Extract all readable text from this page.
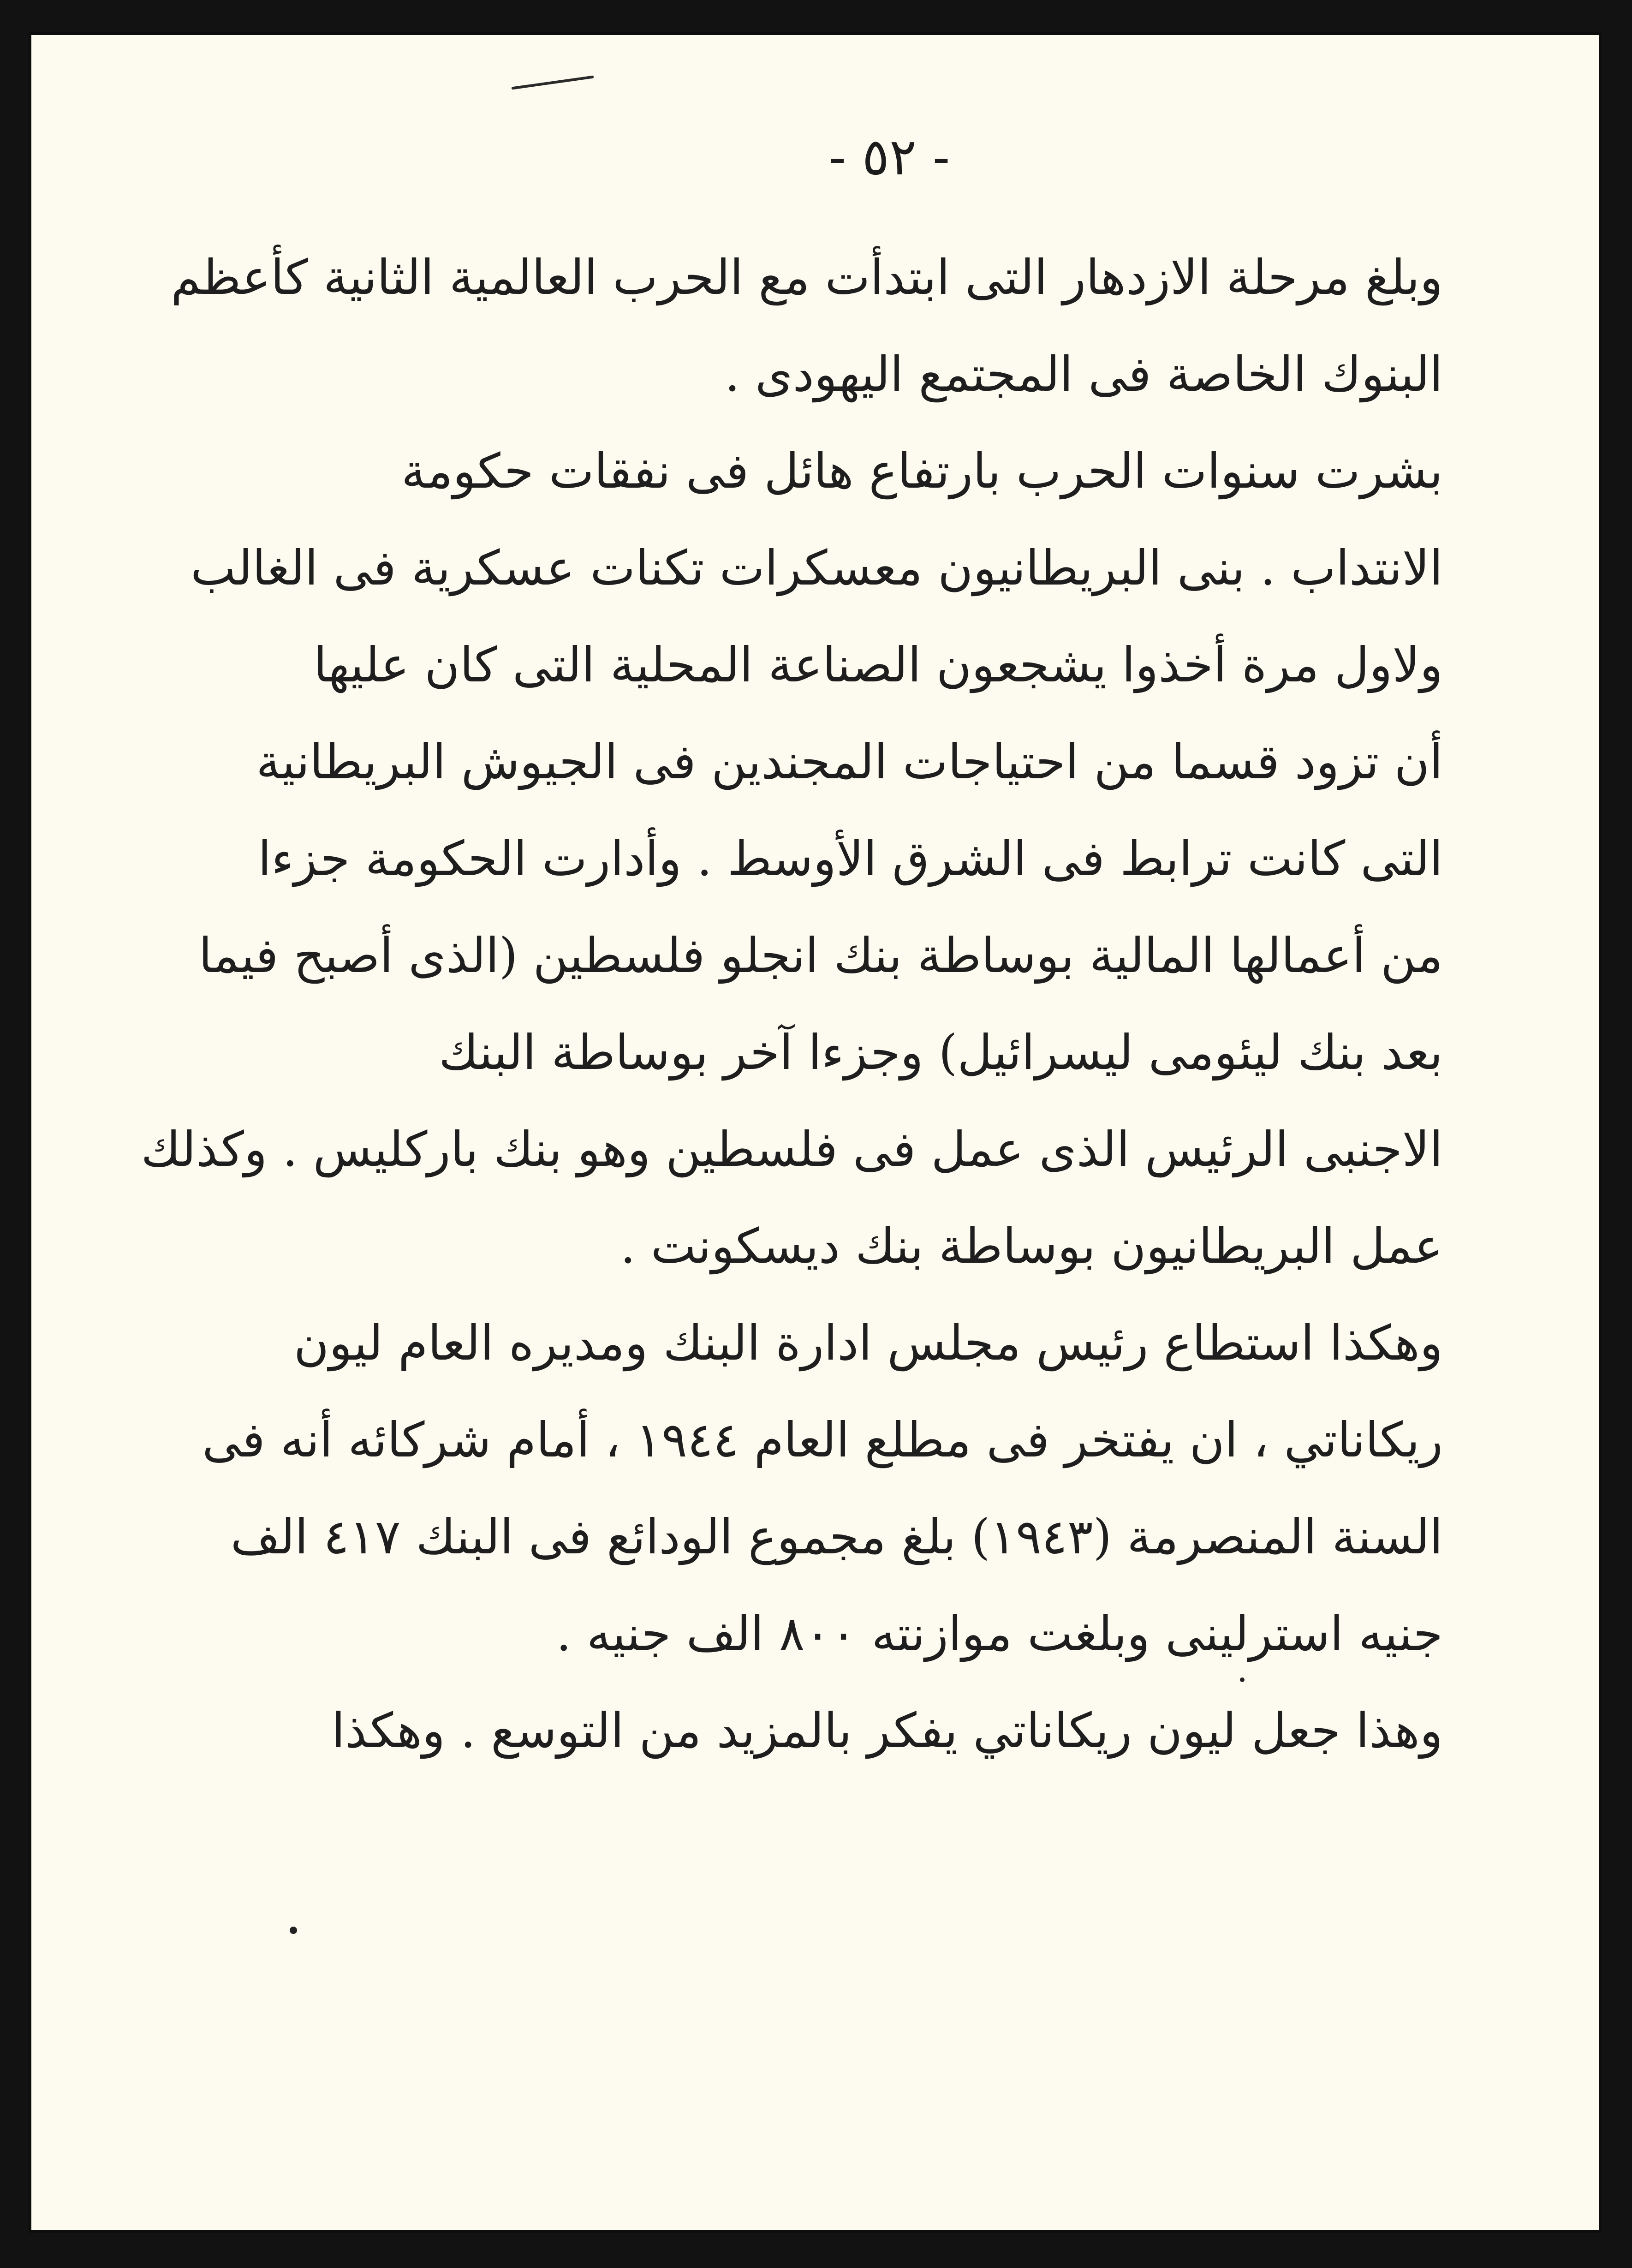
- ٥٢ -
وبلغ مرحلة الازدهار التى ابتدأت مع الحرب العالمية الثانية كأعظم
البنوك الخاصة فى المجتمع اليهودى .
بشرت سنوات الحرب بارتفاع هائل فى نفقات حكومة
الانتداب . بنى البريطانيون معسكرات تكنات عسكرية فى الغالب
ولاول مرة أخذوا يشجعون الصناعة المحلية التى كان عليها
أن تزود قسما من احتياجات المجندين فى الجيوش البريطانية
التى كانت ترابط فى الشرق الأوسط . وأدارت الحكومة جزءا
من أعمالها المالية بوساطة بنك انجلو فلسطين (الذى أصبح فيما
بعد بنك ليئومى ليسرائيل) وجزءا آخر بوساطة البنك
الاجنبى الرئيس الذى عمل فى فلسطين وهو بنك باركليس . وكذلك
عمل البريطانيون بوساطة بنك ديسكونت .
وهكذا استطاع رئيس مجلس ادارة البنك ومديره العام ليون
ريكاناتي ، ان يفتخر فى مطلع العام ١٩٤٤ ، أمام شركائه أنه فى
السنة المنصرمة (١٩٤٣) بلغ مجموع الودائع فى البنك ٤١٧ الف
جنيه استرلينى وبلغت موازنته ٨٠٠ الف جنيه .
وهذا جعل ليون ريكاناتي يفكر بالمزيد من التوسع . وهكذا
